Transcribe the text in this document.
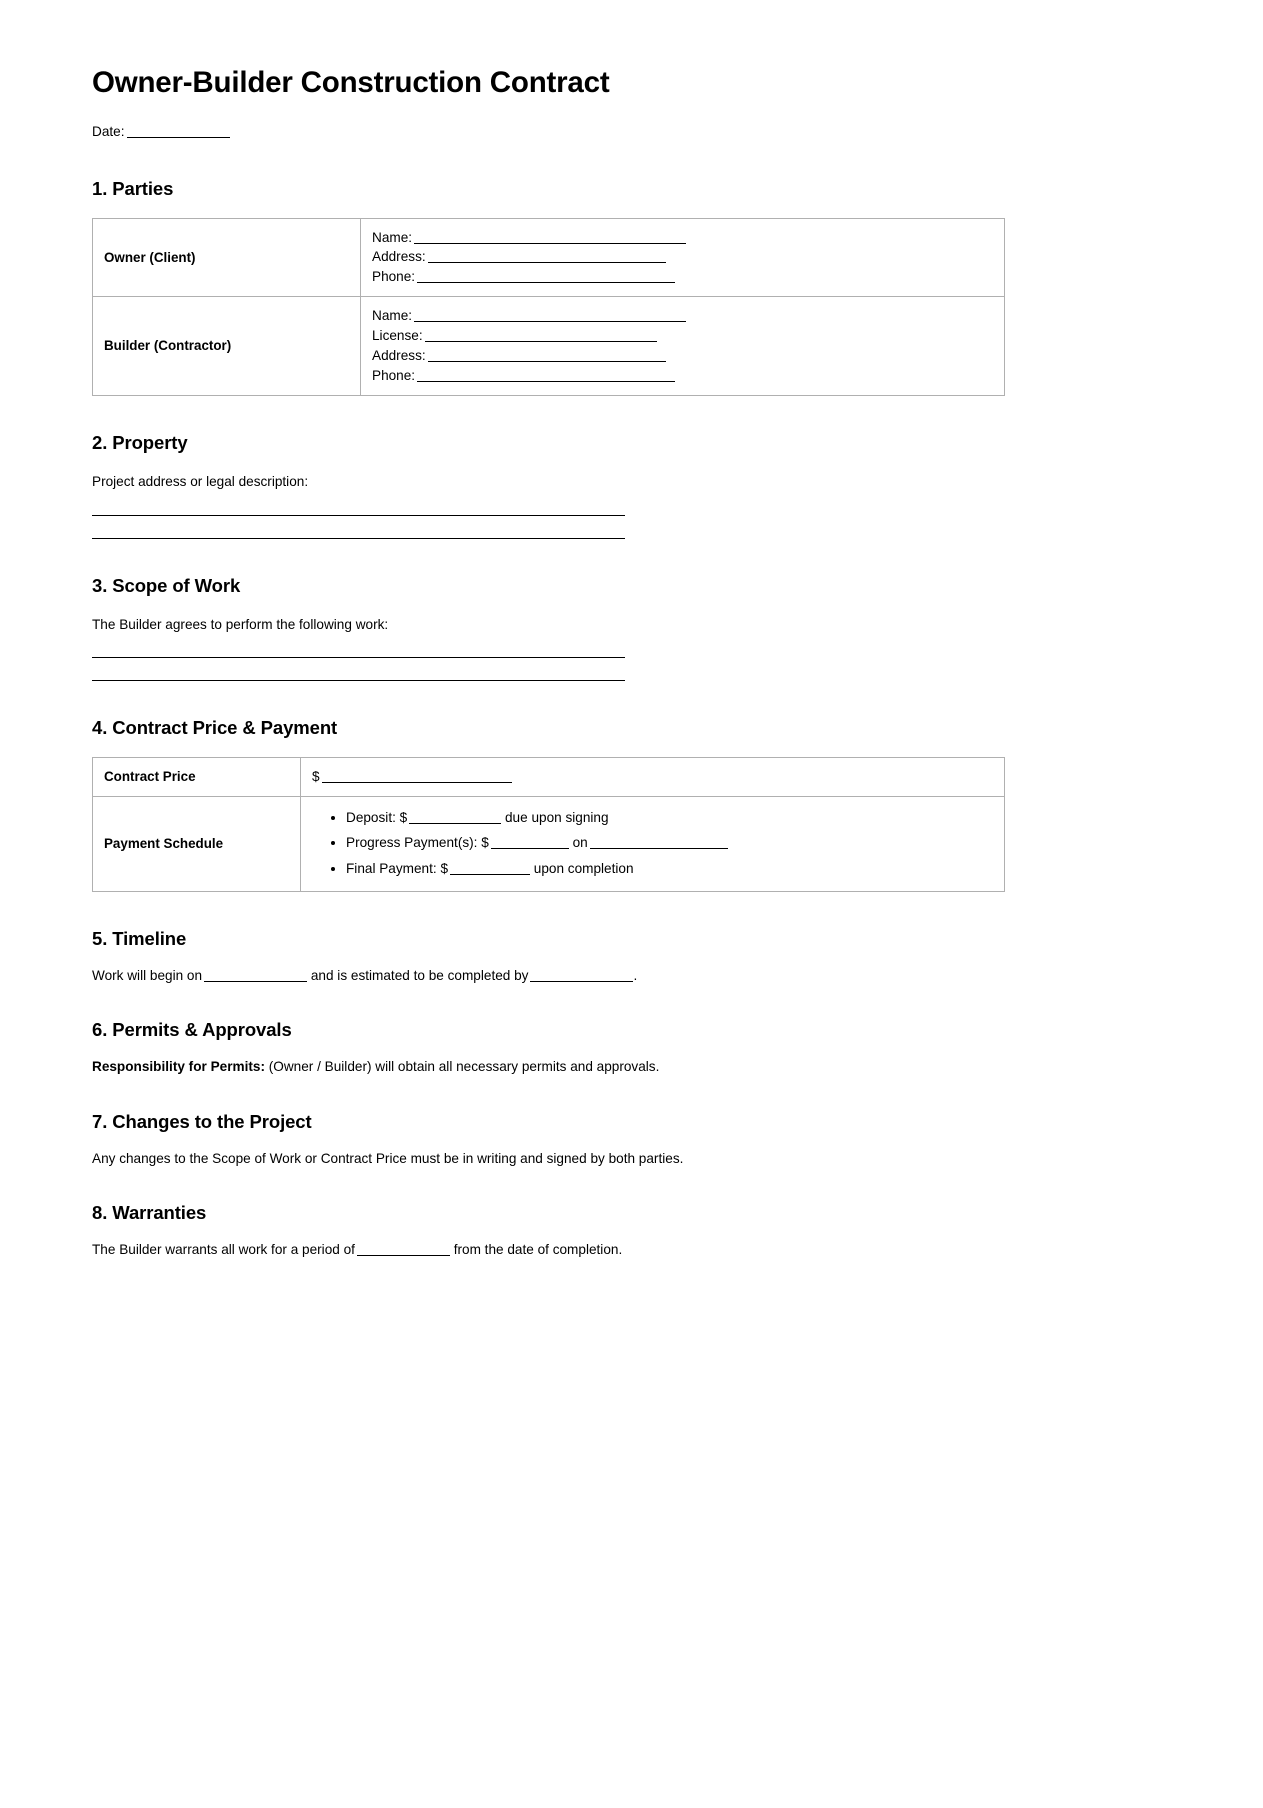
Owner-Builder Construction Contract

Date:

1. Parties
Owner (Client)	Name:
Address:
Phone:

Builder (Contractor)	Name:
License:
Address:
Phone:
2. Property

Project address or legal description:

3. Scope of Work

The Builder agrees to perform the following work:

4. Contract Price & Payment
Contract Price	$
Payment Schedule	
• Deposit: $	due upon signing
• Progress Payment(s): $	on
• Final Payment: $	upon completion
5. Timeline

Work will begin on	and is estimated to be completed by	.

6. Permits & Approvals

Responsibility for Permits: (Owner / Builder) will obtain all necessary permits and approvals.

7. Changes to the Project

Any changes to the Scope of Work or Contract Price must be in writing and signed by both parties.

8. Warranties

The Builder warrants all work for a period of	from the date of completion.
